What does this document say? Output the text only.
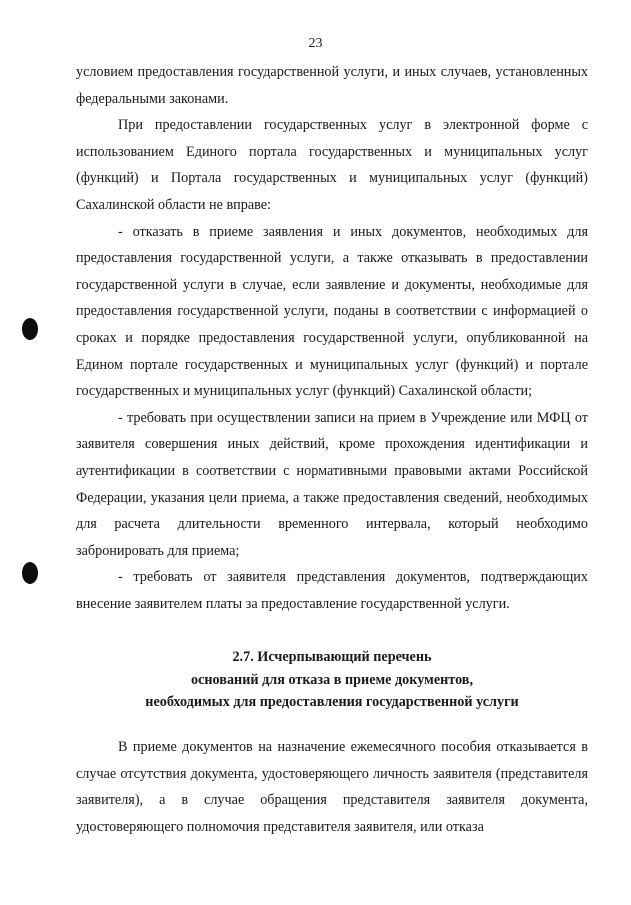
23

условием предоставления государственной услуги, и иных случаев, установленных федеральными законами.

При предоставлении государственных услуг в электронной форме с использованием Единого портала государственных и муниципальных услуг (функций) и Портала государственных и муниципальных услуг (функций) Сахалинской области не вправе:

- отказать в приеме заявления и иных документов, необходимых для предоставления государственной услуги, а также отказывать в предоставлении государственной услуги в случае, если заявление и документы, необходимые для предоставления государственной услуги, поданы в соответствии с информацией о сроках и порядке предоставления государственной услуги, опубликованной на Едином портале государственных и муниципальных услуг (функций) и портале государственных и муниципальных услуг (функций) Сахалинской области;

- требовать при осуществлении записи на прием в Учреждение или МФЦ от заявителя совершения иных действий, кроме прохождения идентификации и аутентификации в соответствии с нормативными правовыми актами Российской Федерации, указания цели приема, а также предоставления сведений, необходимых для расчета длительности временного интервала, который необходимо забронировать для приема;

- требовать от заявителя представления документов, подтверждающих внесение заявителем платы за предоставление государственной услуги.

2.7. Исчерпывающий перечень
оснований для отказа в приеме документов,
необходимых для предоставления государственной услуги

В приеме документов на назначение ежемесячного пособия отказывается в случае отсутствия документа, удостоверяющего личность заявителя (представителя заявителя), а в случае обращения представителя заявителя документа, удостоверяющего полномочия представителя заявителя, или отказа
